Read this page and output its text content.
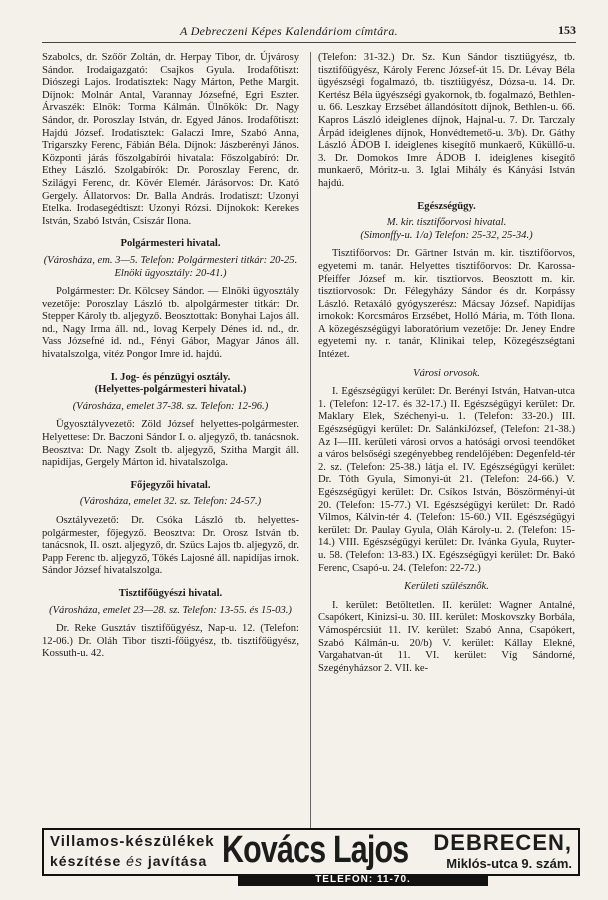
A Debreczeni Képes Kalendáriom címtára.	153

Szabolcs, dr. Szőőr Zoltán, dr. Herpay Tibor, dr. Újvárosy Sándor. Irodaigazgató: Csajkos Gyula. Irodafőtiszt: Diószegi Lajos. Irodatisztek: Nagy Márton, Pethe Margit. Díjnok: Molnár Antal, Varannay Józsefné, Egri Eszter. Árvaszék: Elnök: Torma Kálmán. Ülnökök: Dr. Nagy Sándor, dr. Poroszlay István, dr. Egyed János. Irodafőtiszt: Hajdú József. Irodatisztek: Galaczi Imre, Szabó Anna, Trigarszky Ferenc, Fábián Béla. Díjnok: Jászberényi János. Központi járás főszolgabírói hivatala: Főszolgabíró: Dr. Ethey László. Szolgabírók: Dr. Poroszlay Ferenc, dr. Szilágyi Ferenc, dr. Kövér Elemér. Járásorvos: Dr. Kató Gergely. Állatorvos: Dr. Balla András. Irodatiszt: Uzonyi Etelka. Irodasegédtiszt: Uzonyi Rózsi. Díjnokok: Kerekes István, Szabó István, Csiszár Ilona.

Polgármesteri hivatal.

(Városháza, em. 3—5. Telefon: Polgármesteri titkár: 20-25. Elnöki ügyosztály: 20-41.)

Polgármester: Dr. Kölcsey Sándor. — Elnöki ügyosztály vezetője: Poroszlay László tb. alpolgármester titkár: Dr. Stepper Károly tb. aljegyző. Beosztottak: Bonyhai Lajos áll. nd., Nagy Irma áll. nd., lovag Kerpely Dénes id. nd., dr. Vass Józsefné id. nd., Fényi Gábor, Magyar János áll. hivatalszolga, vitéz Pongor Imre id. hajdú.

I. Jog- és pénzügyi osztály.

(Helyettes-polgármesteri hivatal.)

(Városháza, emelet 37-38. sz. Telefon: 12-96.)

Ügyosztályvezető: Zöld József helyettes-polgármester. Helyettese: Dr. Baczoni Sándor I. o. aljegyző, tb. tanácsnok. Beosztva: Dr. Nagy Zsolt tb. aljegyző, Szitha Margit áll. napidíjas, Gergely Márton id. hivatalszolga.

Főjegyzői hivatal.

(Városháza, emelet 32. sz. Telefon: 24-57.)

Osztályvezető: Dr. Csóka László tb. helyettes-polgármester, főjegyző. Beosztva: Dr. Orosz István tb. tanácsnok, II. oszt. aljegyző, dr. Szücs Lajos tb. aljegyző, dr. Papp Ferenc tb. aljegyző, Tőkés Lajosné áll. napidíjas irnok. Sándor József hivatalszolga.

Tisztifőügyészi hivatal.

(Városháza, emelet 23—28. sz. Telefon: 13-55. és 15-03.)

Dr. Reke Gusztáv tisztifőügyész, Nap-u. 12. (Telefon: 12-06.) Dr. Oláh Tibor tiszti-főügyész, tb. tisztifőügyész, Kossuth-u. 42.

(Telefon: 31-32.) Dr. Sz. Kun Sándor tisztiügyész, tb. tisztifőügyész, Károly Ferenc József-út 15. Dr. Lévay Béla ügyészségi fogalmazó, tb. tisztiügyész, Dózsa-u. 14. Dr. Kertész Béla ügyészségi gyakornok, tb. fogalmazó, Bethlen-u. 66. Leszkay Erzsébet állandósított díjnok, Bethlen-u. 66. Kapros László ideiglenes díjnok, Hajnal-u. 7. Dr. Tarczaly Árpád ideiglenes díjnok, Honvédtemető-u. 3/b). Dr. Gáthy László ÁDOB I. ideiglenes kisegítő munkaerő, Küküllő-u. 3. Dr. Domokos Imre ÁDOB I. ideiglenes kisegítő munkaerő, Móritz-u. 3. Iglai Mihály és Kányási István hajdú.

Egészségügy.

M. kir. tisztifőorvosi hivatal.

(Simonffy-u. 1/a) Telefon: 25-32, 25-34.)

Tisztifőorvos: Dr. Gärtner István m. kir. tisztifőorvos, egyetemi m. tanár. Helyettes tisztifőorvos: Dr. Karossa-Pfeiffer József m. kir. tisztiorvos. Beosztott m. kir. tisztiorvosok: Dr. Félegyházy Sándor és dr. Korpássy László. Retaxáló gyógyszerész: Mácsay József. Napidíjas irnokok: Korcsmáros Erzsébet, Holló Mária, m. Tóth Ilona. A közegészségügyi laboratórium vezetője: Dr. Jeney Endre egyetemi ny. r. tanár, Klinikai telep, Közegészségtani Intézet.

Városi orvosok.

I. Egészségügyi kerület: Dr. Berényi István, Hatvan-utca 1. (Telefon: 12-17. és 32-17.) II. Egészségügyi kerület: Dr. Maklary Elek, Széchenyi-u. 1. (Telefon: 33-20.) III. Egészségügyi kerület: Dr. SalánkiJózsef, (Telefon: 21-38.) Az I—III. kerületi városi orvos a hatósági orvosi teendőket a város belsőségi szegényebbeg rendelőjében: Degenfeld-tér 2. sz. (Telefon: 25-38.) látja el. IV. Egészségügyi kerület: Dr. Tóth Gyula, Simonyi-út 21. (Telefon: 24-66.) V. Egészségügyi kerület: Dr. Csíkos István, Böszörményi-út 20. (Telefon: 15-77.) VI. Egészségügyi kerület: Dr. Radó Vilmos, Kálvin-tér 4. (Telefon: 15-60.) VII. Egészségügyi kerület: Dr. Paulay Gyula, Oláh Károly-u. 2. (Telefon: 15-14.) VIII. Egészségügyi kerület: Dr. Ivánka Gyula, Ruyter-u. 58. (Telefon: 13-83.) IX. Egészségügyi kerület: Dr. Bakó Ferenc, Csapó-u. 24. (Telefon: 22-72.)

Kerületi szülésznők.

I. kerület: Betöltetlen. II. kerület: Wagner Antalné, Csapókert, Kinizsi-u. 30. III. kerület: Moskovszky Borbála, Vámospércsiút 11. IV. kerület: Szabó Anna, Csapókert, Szabó Kálmán-u. 20/b) V. kerület: Kállay Elekné, Vargahatvan-út 11. VI. kerület: Víg Sándorné, Szegényházsor 2. VII. ke-

Villamos-készülékek
készítése és javítása Kovács Lajos DEBRECEN,
Miklós-utca 9. szám.
TELEFON: 11-70.
